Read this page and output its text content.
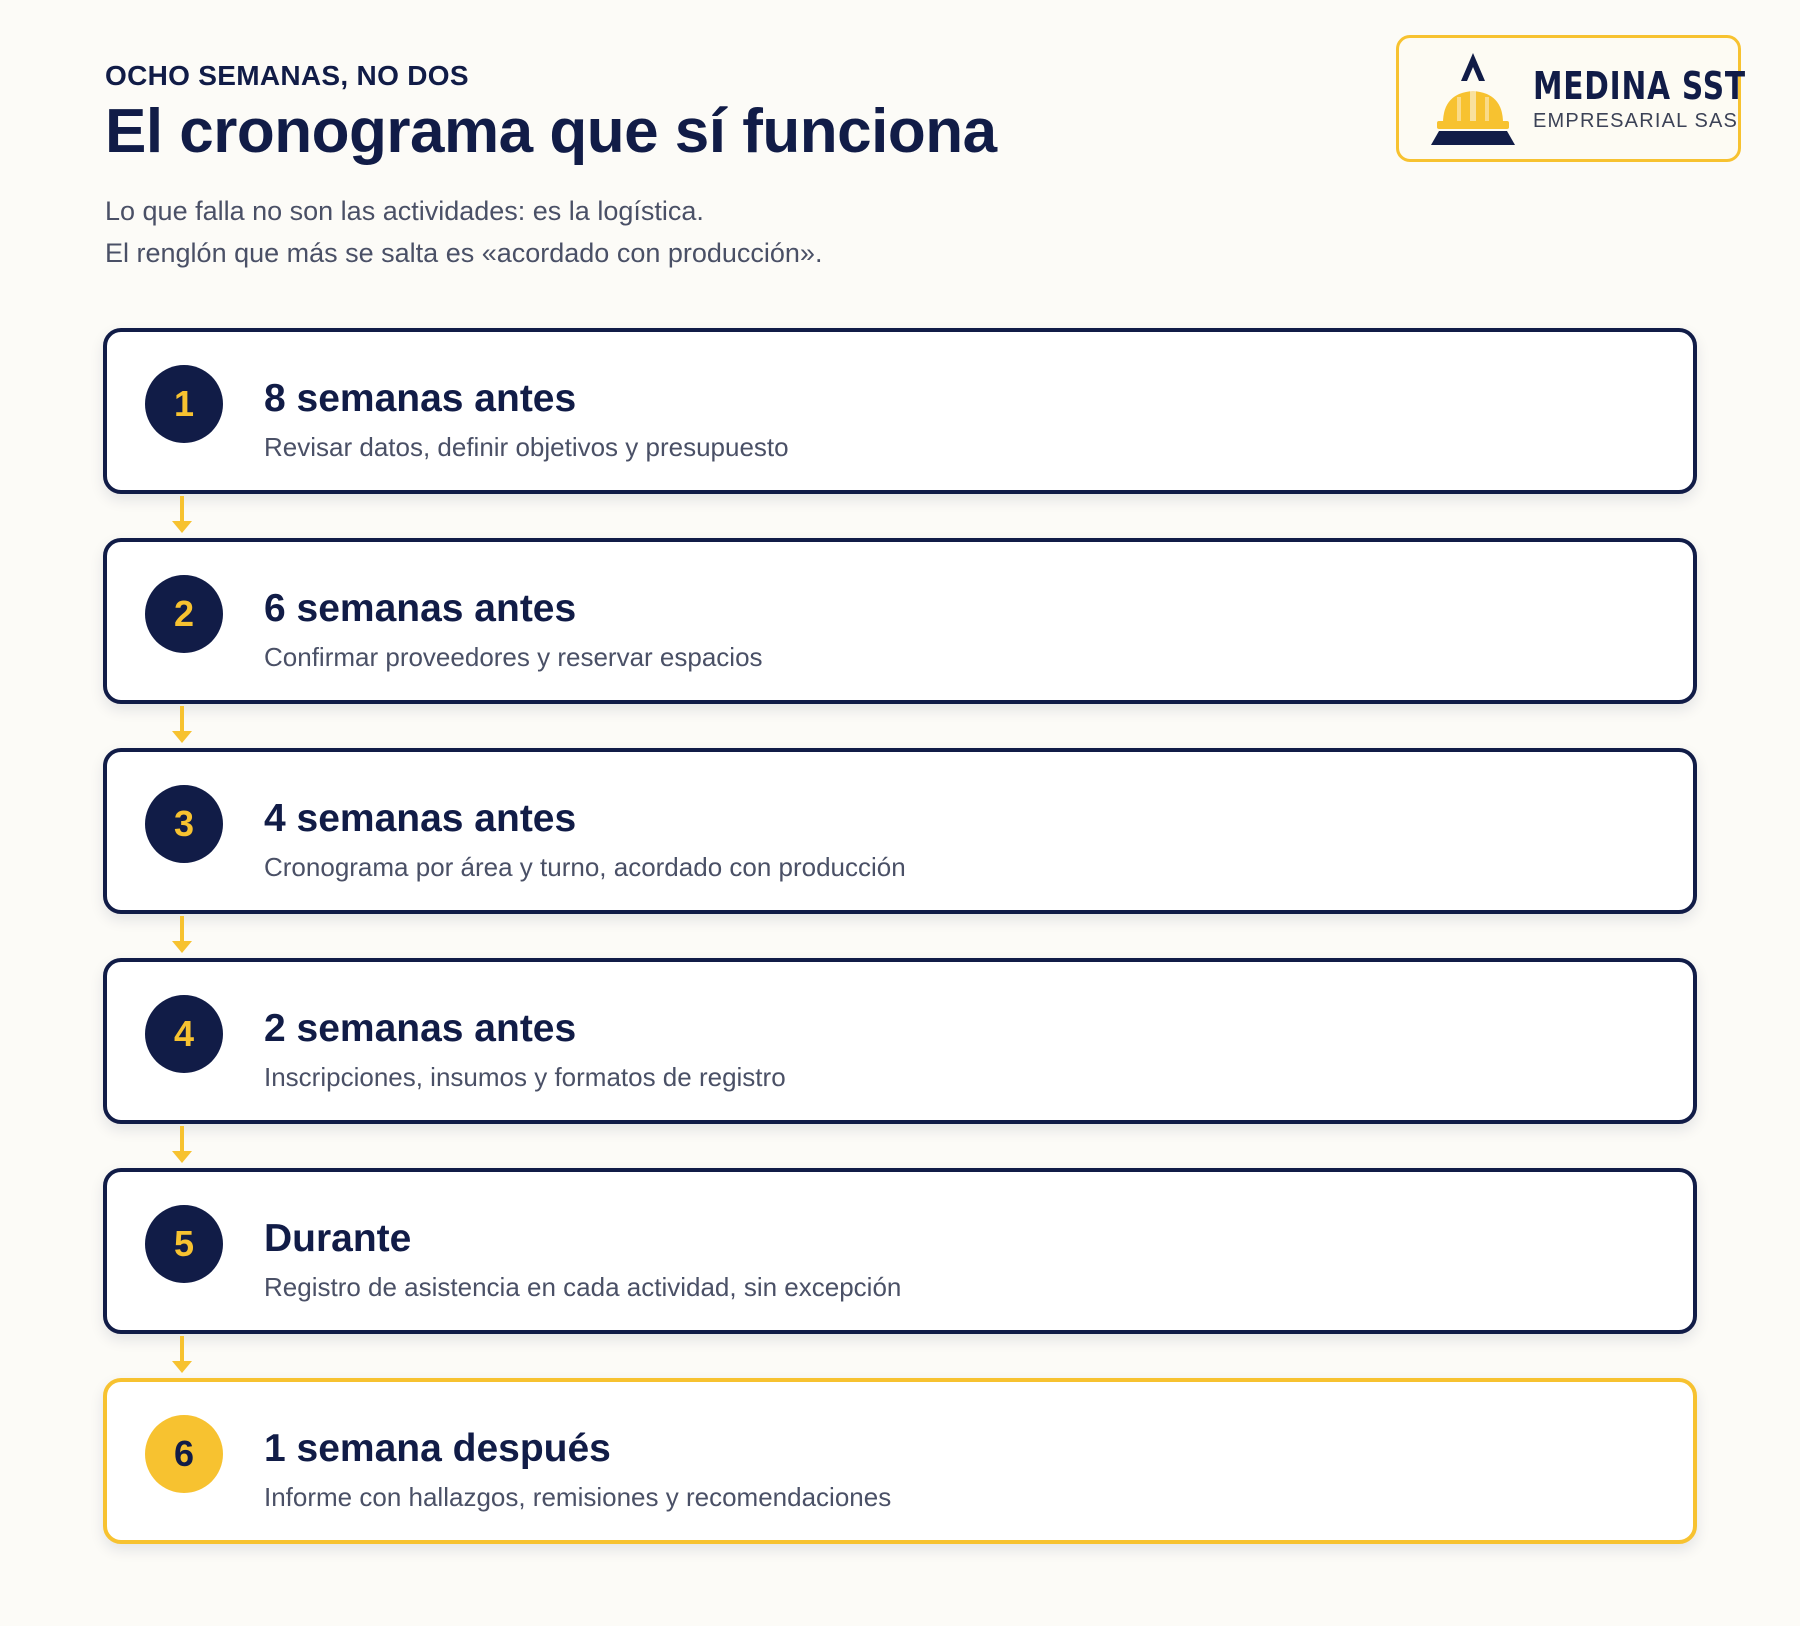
OCHO SEMANAS, NO DOS
El cronograma que sí funciona
Lo que falla no son las actividades: es la logística.
El renglón que más se salta es «acordado con producción».
MEDINA SST
EMPRESARIAL SAS
1	8 semanas antes
Revisar datos, definir objetivos y presupuesto
2	6 semanas antes
Confirmar proveedores y reservar espacios
3	4 semanas antes
Cronograma por área y turno, acordado con producción
4	2 semanas antes
Inscripciones, insumos y formatos de registro
5	Durante
Registro de asistencia en cada actividad, sin excepción
6	1 semana después
Informe con hallazgos, remisiones y recomendaciones
